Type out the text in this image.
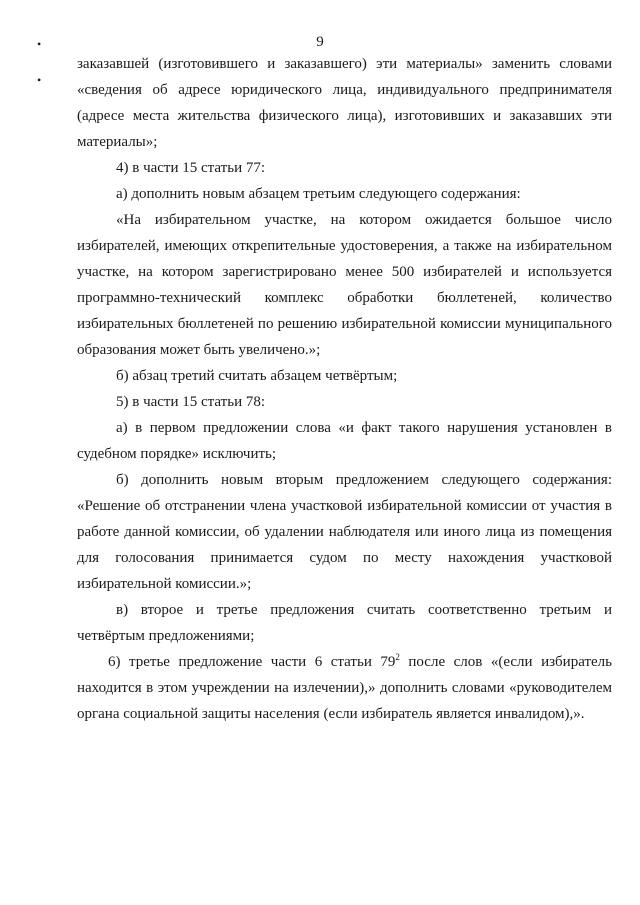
9
•
•

заказавшей (изготовившего и заказавшего) эти материалы» заменить словами «сведения об адресе юридического лица, индивидуального предпринимателя (адресе места жительства физического лица), изготовивших и заказавших эти материалы»;

4) в части 15 статьи 77:

а) дополнить новым абзацем третьим следующего содержания:

«На избирательном участке, на котором ожидается большое число избирателей, имеющих открепительные удостоверения, а также на избирательном участке, на котором зарегистрировано менее 500 избирателей и используется программно-технический комплекс обработки бюллетеней, количество избирательных бюллетеней по решению избирательной комиссии муниципального образования может быть увеличено.»;

б) абзац третий считать абзацем четвёртым;

5) в части 15 статьи 78:

а) в первом предложении слова «и факт такого нарушения установлен в судебном порядке» исключить;

б) дополнить новым вторым предложением следующего содержания: «Решение об отстранении члена участковой избирательной комиссии от участия в работе данной комиссии, об удалении наблюдателя или иного лица из помещения для голосования принимается судом по месту нахождения участковой избирательной комиссии.»;

в) второе и третье предложения считать соответственно третьим и четвёртым предложениями;

6) третье предложение части 6 статьи $79^2$ после слов «(если избиратель находится в этом учреждении на излечении),» дополнить словами «руководителем органа социальной защиты населения (если избиратель является инвалидом),».
